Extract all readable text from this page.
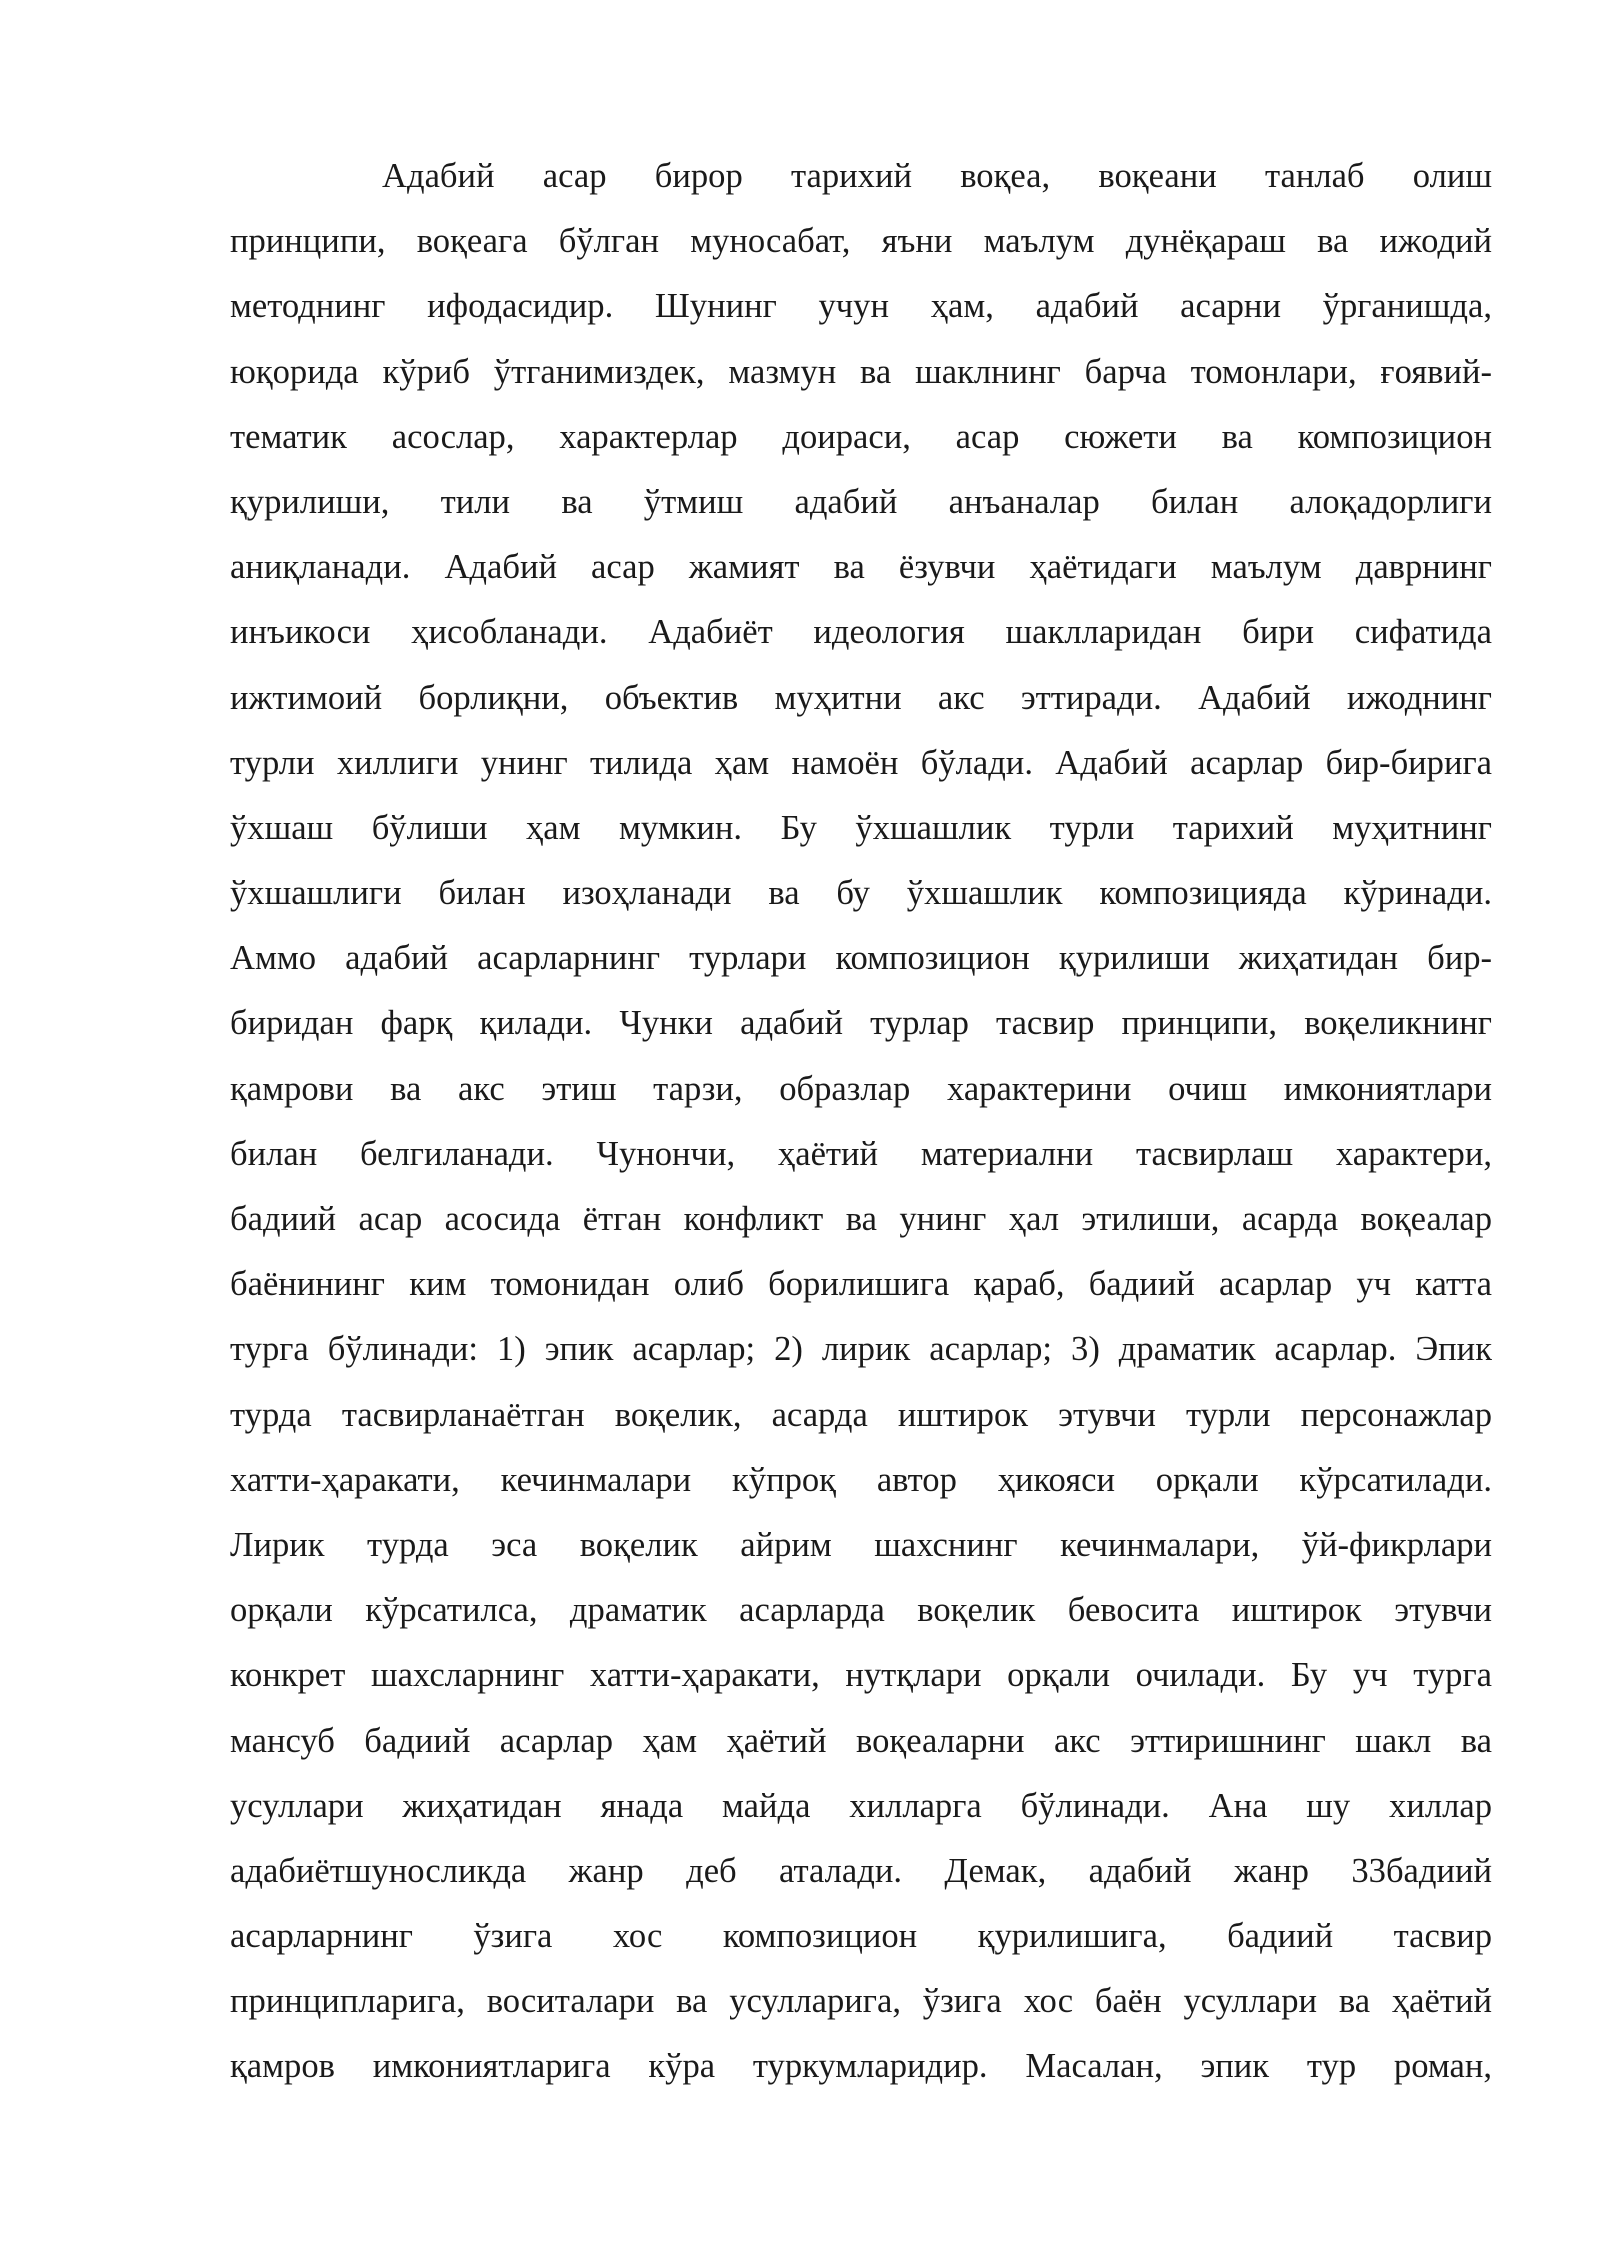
Адабий асар бирор тарихий воқеа, воқеани танлаб олиш
принципи, воқеага бўлган муносабат, яъни маълум дунёқараш ва ижодий
методнинг ифодасидир. Шунинг учун ҳам, адабий асарни ўрганишда,
юқорида кўриб ўтганимиздек, мазмун ва шаклнинг барча томонлари, ғоявий-
тематик асослар, характерлар доираси, асар сюжети ва композицион
қурилиши, тили ва ўтмиш адабий анъаналар билан алоқадорлиги
аниқланади. Адабий асар жамият ва ёзувчи ҳаётидаги маълум даврнинг
инъикоси ҳисобланади. Адабиёт идеология шаклларидан бири сифатида
ижтимоий борлиқни, объектив муҳитни акс эттиради. Адабий ижоднинг
турли хиллиги унинг тилида ҳам намоён бўлади. Адабий асарлар бир-бирига
ўхшаш бўлиши ҳам мумкин. Бу ўхшашлик турли тарихий муҳитнинг
ўхшашлиги билан изоҳланади ва бу ўхшашлик композицияда кўринади.
Аммо адабий асарларнинг турлари композицион қурилиши жиҳатидан бир-
биридан фарқ қилади. Чунки адабий турлар тасвир принципи, воқеликнинг
қамрови ва акс этиш тарзи, образлар характерини очиш имкониятлари
билан белгиланади. Чунончи, ҳаётий материални тасвирлаш характери,
бадиий асар асосида ётган конфликт ва унинг ҳал этилиши, асарда воқеалар
баёнининг ким томонидан олиб борилишига қараб, бадиий асарлар уч катта
турга бўлинади: 1) эпик асарлар; 2) лирик асарлар; 3) драматик асарлар. Эпик
турда тасвирланаётган воқелик, асарда иштирок этувчи турли персонажлар
хатти-ҳаракати, кечинмалари кўпроқ автор ҳикояси орқали кўрсатилади.
Лирик турда эса воқелик айрим шахснинг кечинмалари, ўй-фикрлари
орқали кўрсатилса, драматик асарларда воқелик бевосита иштирок этувчи
конкрет шахсларнинг хатти-ҳаракати, нутқлари орқали очилади. Бу уч турга
мансуб бадиий асарлар ҳам ҳаётий воқеаларни акс эттиришнинг шакл ва
усуллари жиҳатидан янада майда хилларга бўлинади. Ана шу хиллар
адабиётшуносликда жанр деб аталади. Демак, адабий жанр 33бадиий
асарларнинг ўзига хос композицион қурилишига, бадиий тасвир
принципларига, воситалари ва усулларига, ўзига хос баён усуллари ва ҳаётий
қамров имкониятларига кўра туркумларидир. Масалан, эпик тур роман,
